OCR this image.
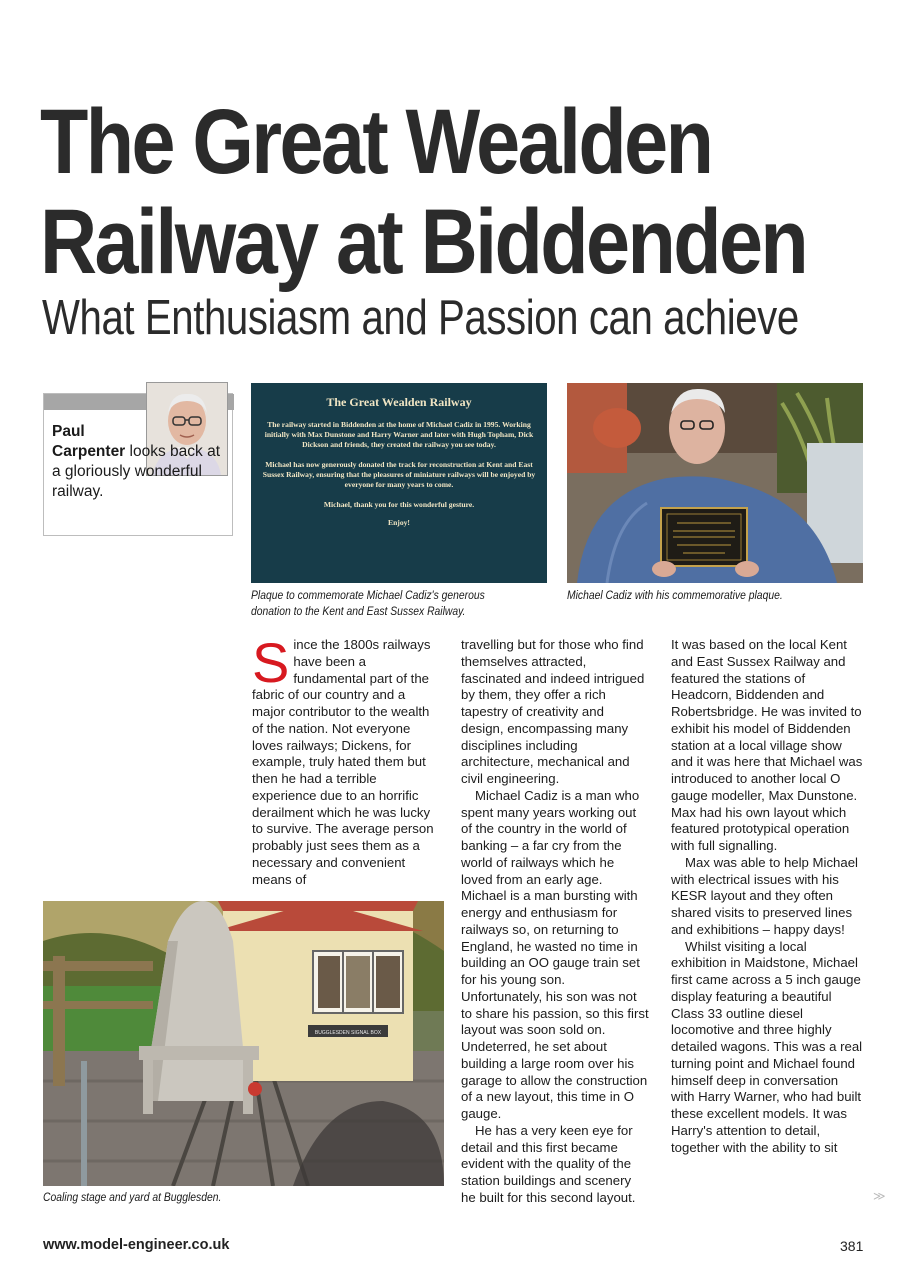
The Great Wealden
Railway at Biddenden
What Enthusiasm and Passion can achieve
Paul
Carpenter looks back at a gloriously wonderful railway.
The Great Wealden Railway

The railway started in Biddenden at the home of Michael Cadiz in 1995. Working initially with Max Dunstone and Harry Warner and later with Hugh Topham, Dick Dickson and friends, they created the railway you see today.

Michael has now generously donated the track for reconstruction at Kent and East Sussex Railway, ensuring that the pleasures of miniature railways will be enjoyed by everyone for many years to come.

Michael, thank you for this wonderful gesture.

Enjoy!

Plaque to commemorate Michael Cadiz's generous donation to the Kent and East Sussex Railway.
Michael Cadiz with his commemorative plaque.

Since the 1800s railways have been a fundamental part of the fabric of our country and a major contributor to the wealth of the nation. Not everyone loves railways; Dickens, for example, truly hated them but then he had a terrible experience due to an horrific derailment which he was lucky to survive. The average person probably just sees them as a necessary and convenient means of

travelling but for those who find themselves attracted, fascinated and indeed intrigued by them, they offer a rich tapestry of creativity and design, encompassing many disciplines including architecture, mechanical and civil engineering.

Michael Cadiz is a man who spent many years working out of the country in the world of banking – a far cry from the world of railways which he loved from an early age. Michael is a man bursting with energy and enthusiasm for railways so, on returning to England, he wasted no time in building an OO gauge train set for his young son. Unfortunately, his son was not to share his passion, so this first layout was soon sold on. Undeterred, he set about building a large room over his garage to allow the construction of a new layout, this time in O gauge.

He has a very keen eye for detail and this first became evident with the quality of the station buildings and scenery he built for this second layout.

It was based on the local Kent and East Sussex Railway and featured the stations of Headcorn, Biddenden and Robertsbridge. He was invited to exhibit his model of Biddenden station at a local village show and it was here that Michael was introduced to another local O gauge modeller, Max Dunstone. Max had his own layout which featured prototypical operation with full signalling.

Max was able to help Michael with electrical issues with his KESR layout and they often shared visits to preserved lines and exhibitions – happy days!

Whilst visiting a local exhibition in Maidstone, Michael first came across a 5 inch gauge display featuring a beautiful Class 33 outline diesel locomotive and three highly detailed wagons. This was a real turning point and Michael found himself deep in conversation with Harry Warner, who had built these excellent models. It was Harry's attention to detail, together with the ability to sit

BUGGLESDEN SIGNAL BOX
Coaling stage and yard at Bugglesden.	≫
www.model-engineer.co.uk	381
